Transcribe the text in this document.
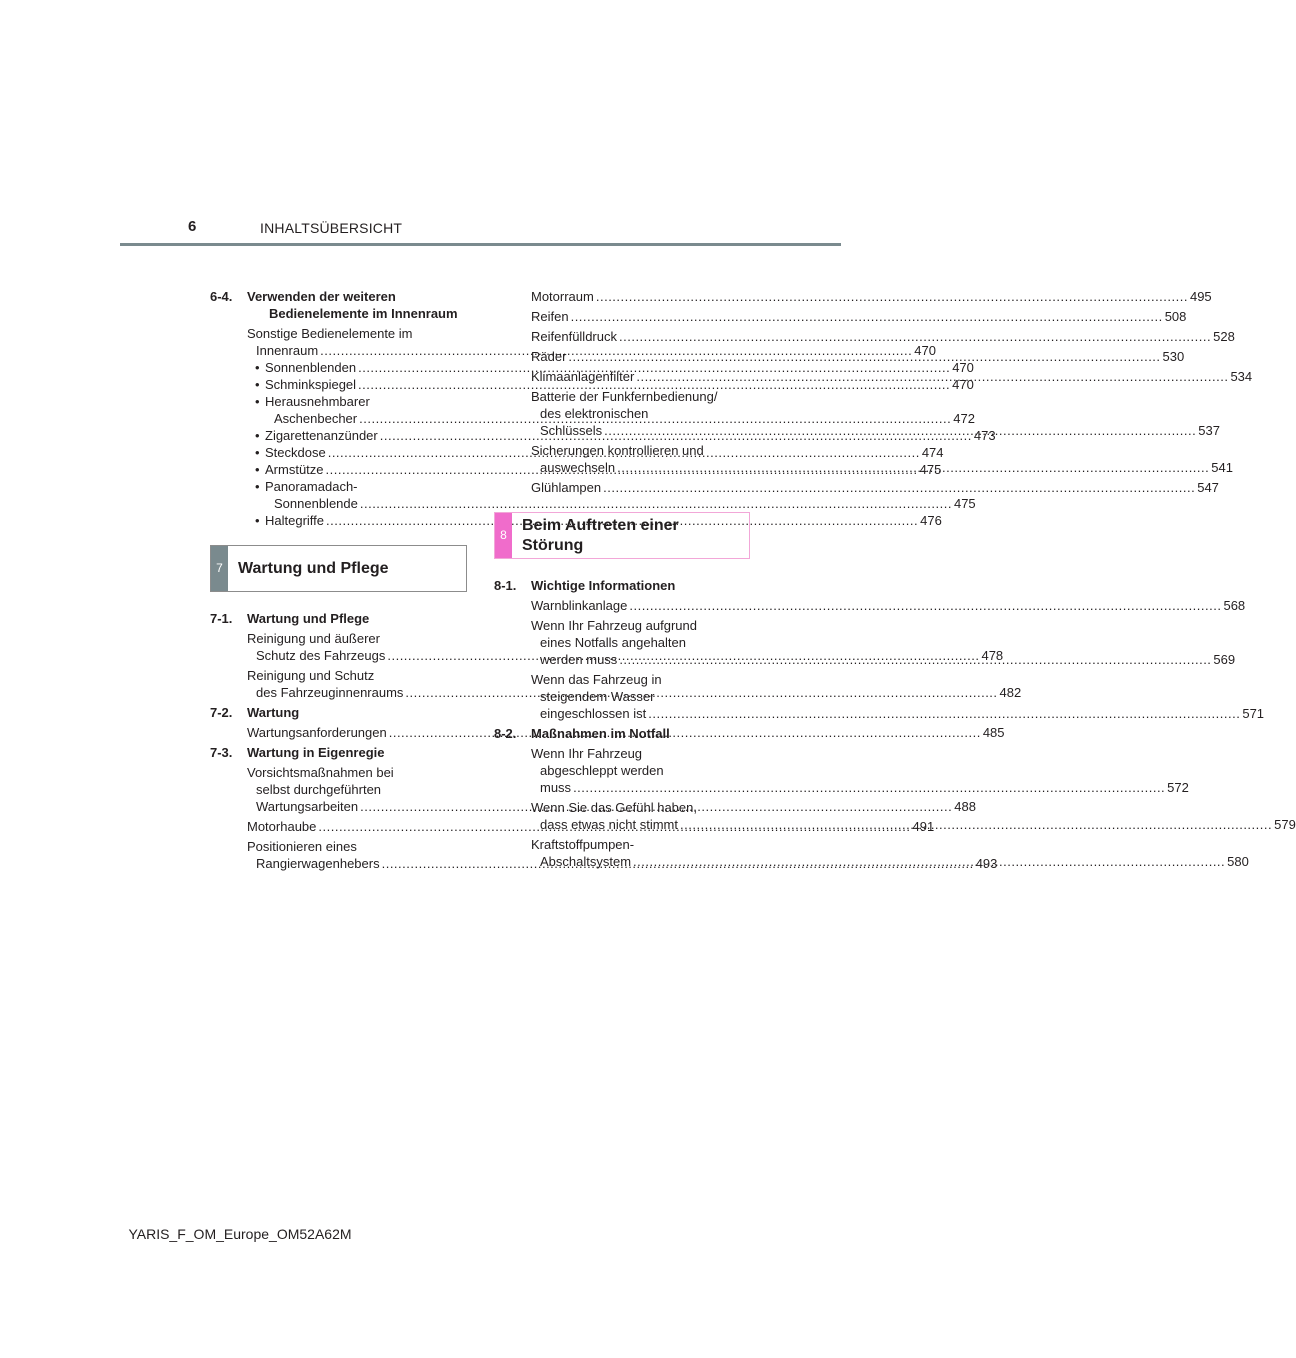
6	INHALTSÜBERSICHT
6-4. Verwenden der weiteren
Bedienelemente im Innenraum
Sonstige Bedienelemente im
Innenraum .....	470
• Sonnenblenden .....	470
• Schminkspiegel .....	470
• Herausnehmbarer
Aschenbecher .....	472
• Zigarettenanzünder .....	473
• Steckdose .....	474
• Armstütze .....	475
• Panoramadach-
Sonnenblende .....	475
• Haltegriffe .....	476
7 Wartung und Pflege
7-1. Wartung und Pflege
Reinigung und äußerer
Schutz des Fahrzeugs .....	478
Reinigung und Schutz
des Fahrzeuginnenraums .....	482
7-2. Wartung
Wartungsanforderungen .....	485
7-3. Wartung in Eigenregie
Vorsichtsmaßnahmen bei
selbst durchgeführten
Wartungsarbeiten .....	488
Motorhaube .....	491
Positionieren eines
Rangierwagenhebers .....	493
Motorraum .....	495
Reifen .....	508
Reifenfülldruck .....	528
Räder .....	530
Klimaanlagenfilter .....	534
Batterie der Funkfernbedienung/
des elektronischen
Schlüssels .....	537
Sicherungen kontrollieren und
auswechseln .....	541
Glühlampen .....	547
8
Beim Auftreten einer
Störung
8-1. Wichtige Informationen
Warnblinkanlage .....	568
Wenn Ihr Fahrzeug aufgrund
eines Notfalls angehalten
werden muss .....	569
Wenn das Fahrzeug in
steigendem Wasser
eingeschlossen ist .....	571
8-2. Maßnahmen im Notfall
Wenn Ihr Fahrzeug
abgeschleppt werden
muss .....	572
Wenn Sie das Gefühl haben,
dass etwas nicht stimmt .....	579
Kraftstoffpumpen-
Abschaltsystem .....	580
YARIS_F_OM_Europe_OM52A62M
